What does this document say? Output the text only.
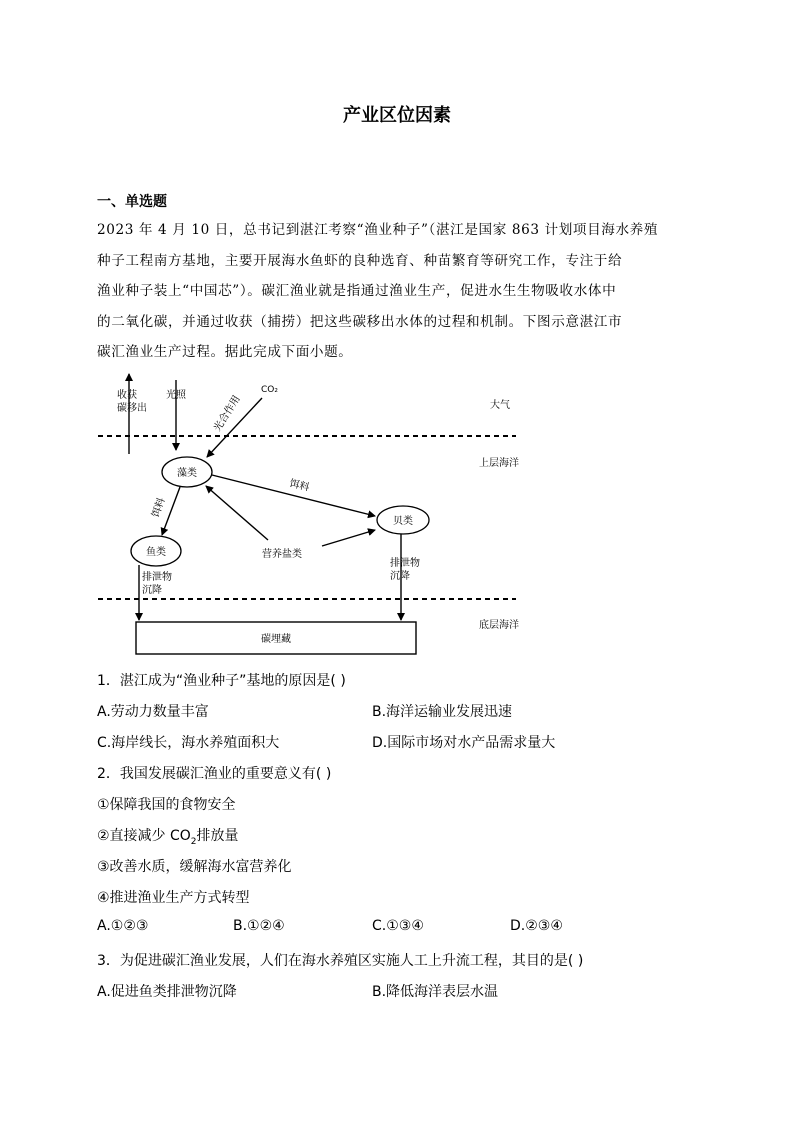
产业区位因素
一、单选题
2023 年 4 月 10 日，总书记到湛江考察“渔业种子”（湛江是国家 863 计划项目海水养殖
种子工程南方基地，主要开展海水鱼虾的良种选育、种苗繁育等研究工作，专注于给
渔业种子装上“中国芯”）。碳汇渔业就是指通过渔业生产，促进水生生物吸收水体中
的二氧化碳，并通过收获（捕捞）把这些碳移出水体的过程和机制。下图示意湛江市
碳汇渔业生产过程。据此完成下面小题。
收获
碳移出
光照	CO₂
光合作用	大气
上层海洋
藻类
贝类
鱼类
饵料
饵料
营养盐类
排泄物
沉降
排泄物
沉降
碳埋藏
底层海洋
1．湛江成为“渔业种子”基地的原因是( )
A.劳动力数量丰富	B.海洋运输业发展迅速
C.海岸线长，海水养殖面积大	D.国际市场对水产品需求量大
2．我国发展碳汇渔业的重要意义有( )
①保障我国的食物安全
②直接减少 $CO_2$排放量
③改善水质，缓解海水富营养化
④推进渔业生产方式转型
A.①②③	B.①②④	C.①③④	D.②③④
3．为促进碳汇渔业发展，人们在海水养殖区实施人工上升流工程，其目的是( )
A.促进鱼类排泄物沉降	B.降低海洋表层水温
